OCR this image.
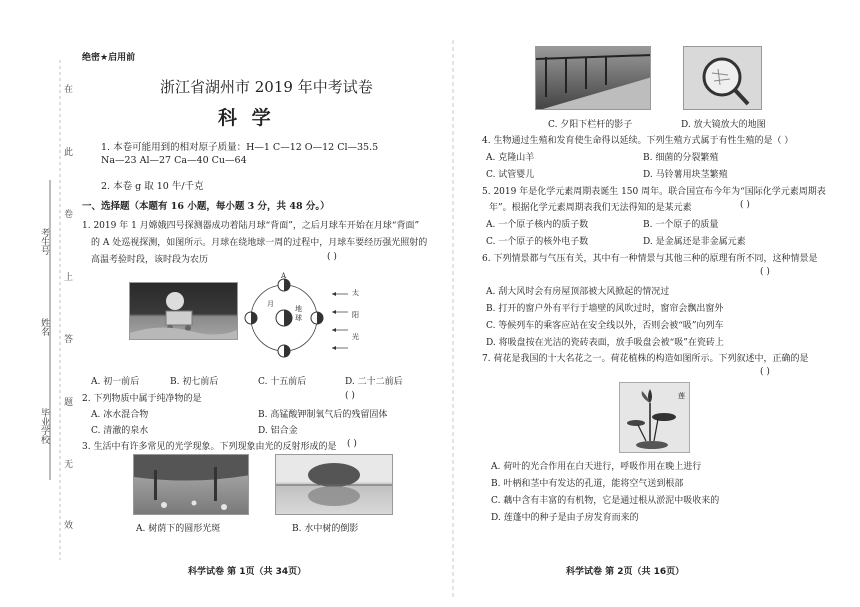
在
此
卷
上
答
题
无
效
考生号
姓名
毕业学校
绝密★启用前
浙江省湖州市 2019 年中考试卷
科 学
1. 本卷可能用到的相对原子质量：H—1 C—12 O—12 Cl—35.5
Na—23 Al—27 Ca—40 Cu—64
2. 本卷 g 取 10 牛/千克
一、选择题（本题有 16 小题，每小题 3 分，共 48 分。）
1. 2019 年 1 月嫦娥四号探测器成功着陆月球“背面”，之后月球车开始在月球“背面”
的 A 处巡视探测，如图所示。月球在绕地球一周的过程中，月球车要经历强光照射的
高温考验时段，该时段为农历	( )
月
地球
太
阳
光
A
A. 初一前后	B. 初七前后	C. 十五前后	D. 二十二前后
2. 下列物质中属于纯净物的是	( )
A. 冰水混合物	B. 高锰酸钾制氧气后的残留固体
C. 清澈的泉水	D. 铝合金
3. 生活中有许多常见的光学现象。下列现象由光的反射形成的是 ( )
A. 树荫下的圆形光斑	B. 水中树的倒影
科学试卷 第 1页（共 34页）
C. 夕阳下栏杆的影子	D. 放大镜放大的地图
4. 生物通过生殖和发育使生命得以延续。下列生殖方式属于有性生殖的是（ ）
A. 克隆山羊	B. 细菌的分裂繁殖
C. 试管婴儿	D. 马铃薯用块茎繁殖
5. 2019 年是化学元素周期表诞生 150 周年。联合国宣布今年为“国际化学元素周期表
年”。根据化学元素周期表我们无法得知的是某元素	( )
A. 一个原子核内的质子数	B. 一个原子的质量
C. 一个原子的核外电子数	D. 是金属还是非金属元素
6. 下列情景都与气压有关，其中有一种情景与其他三种的原理有所不同，这种情景是
( )
A. 刮大风时会有房屋顶部被大风掀起的情况过
B. 打开的窗户外有平行于墙壁的风吹过时，窗帘会飘出窗外
C. 等候列车的乘客应站在安全线以外，否则会被“吸”向列车
D. 将吸盘按在光洁的瓷砖表面，放手吸盘会被“吸”在瓷砖上
7. 荷花是我国的十大名花之一。荷花植株的构造如图所示。下列叙述中，正确的是
( )
莲
A. 荷叶的光合作用在白天进行，呼吸作用在晚上进行
B. 叶柄和茎中有发达的孔道，能将空气送到根部
C. 藕中含有丰富的有机物，它是通过根从淤泥中吸收来的
D. 莲蓬中的种子是由子房发育而来的
科学试卷 第 2页（共 16页）
